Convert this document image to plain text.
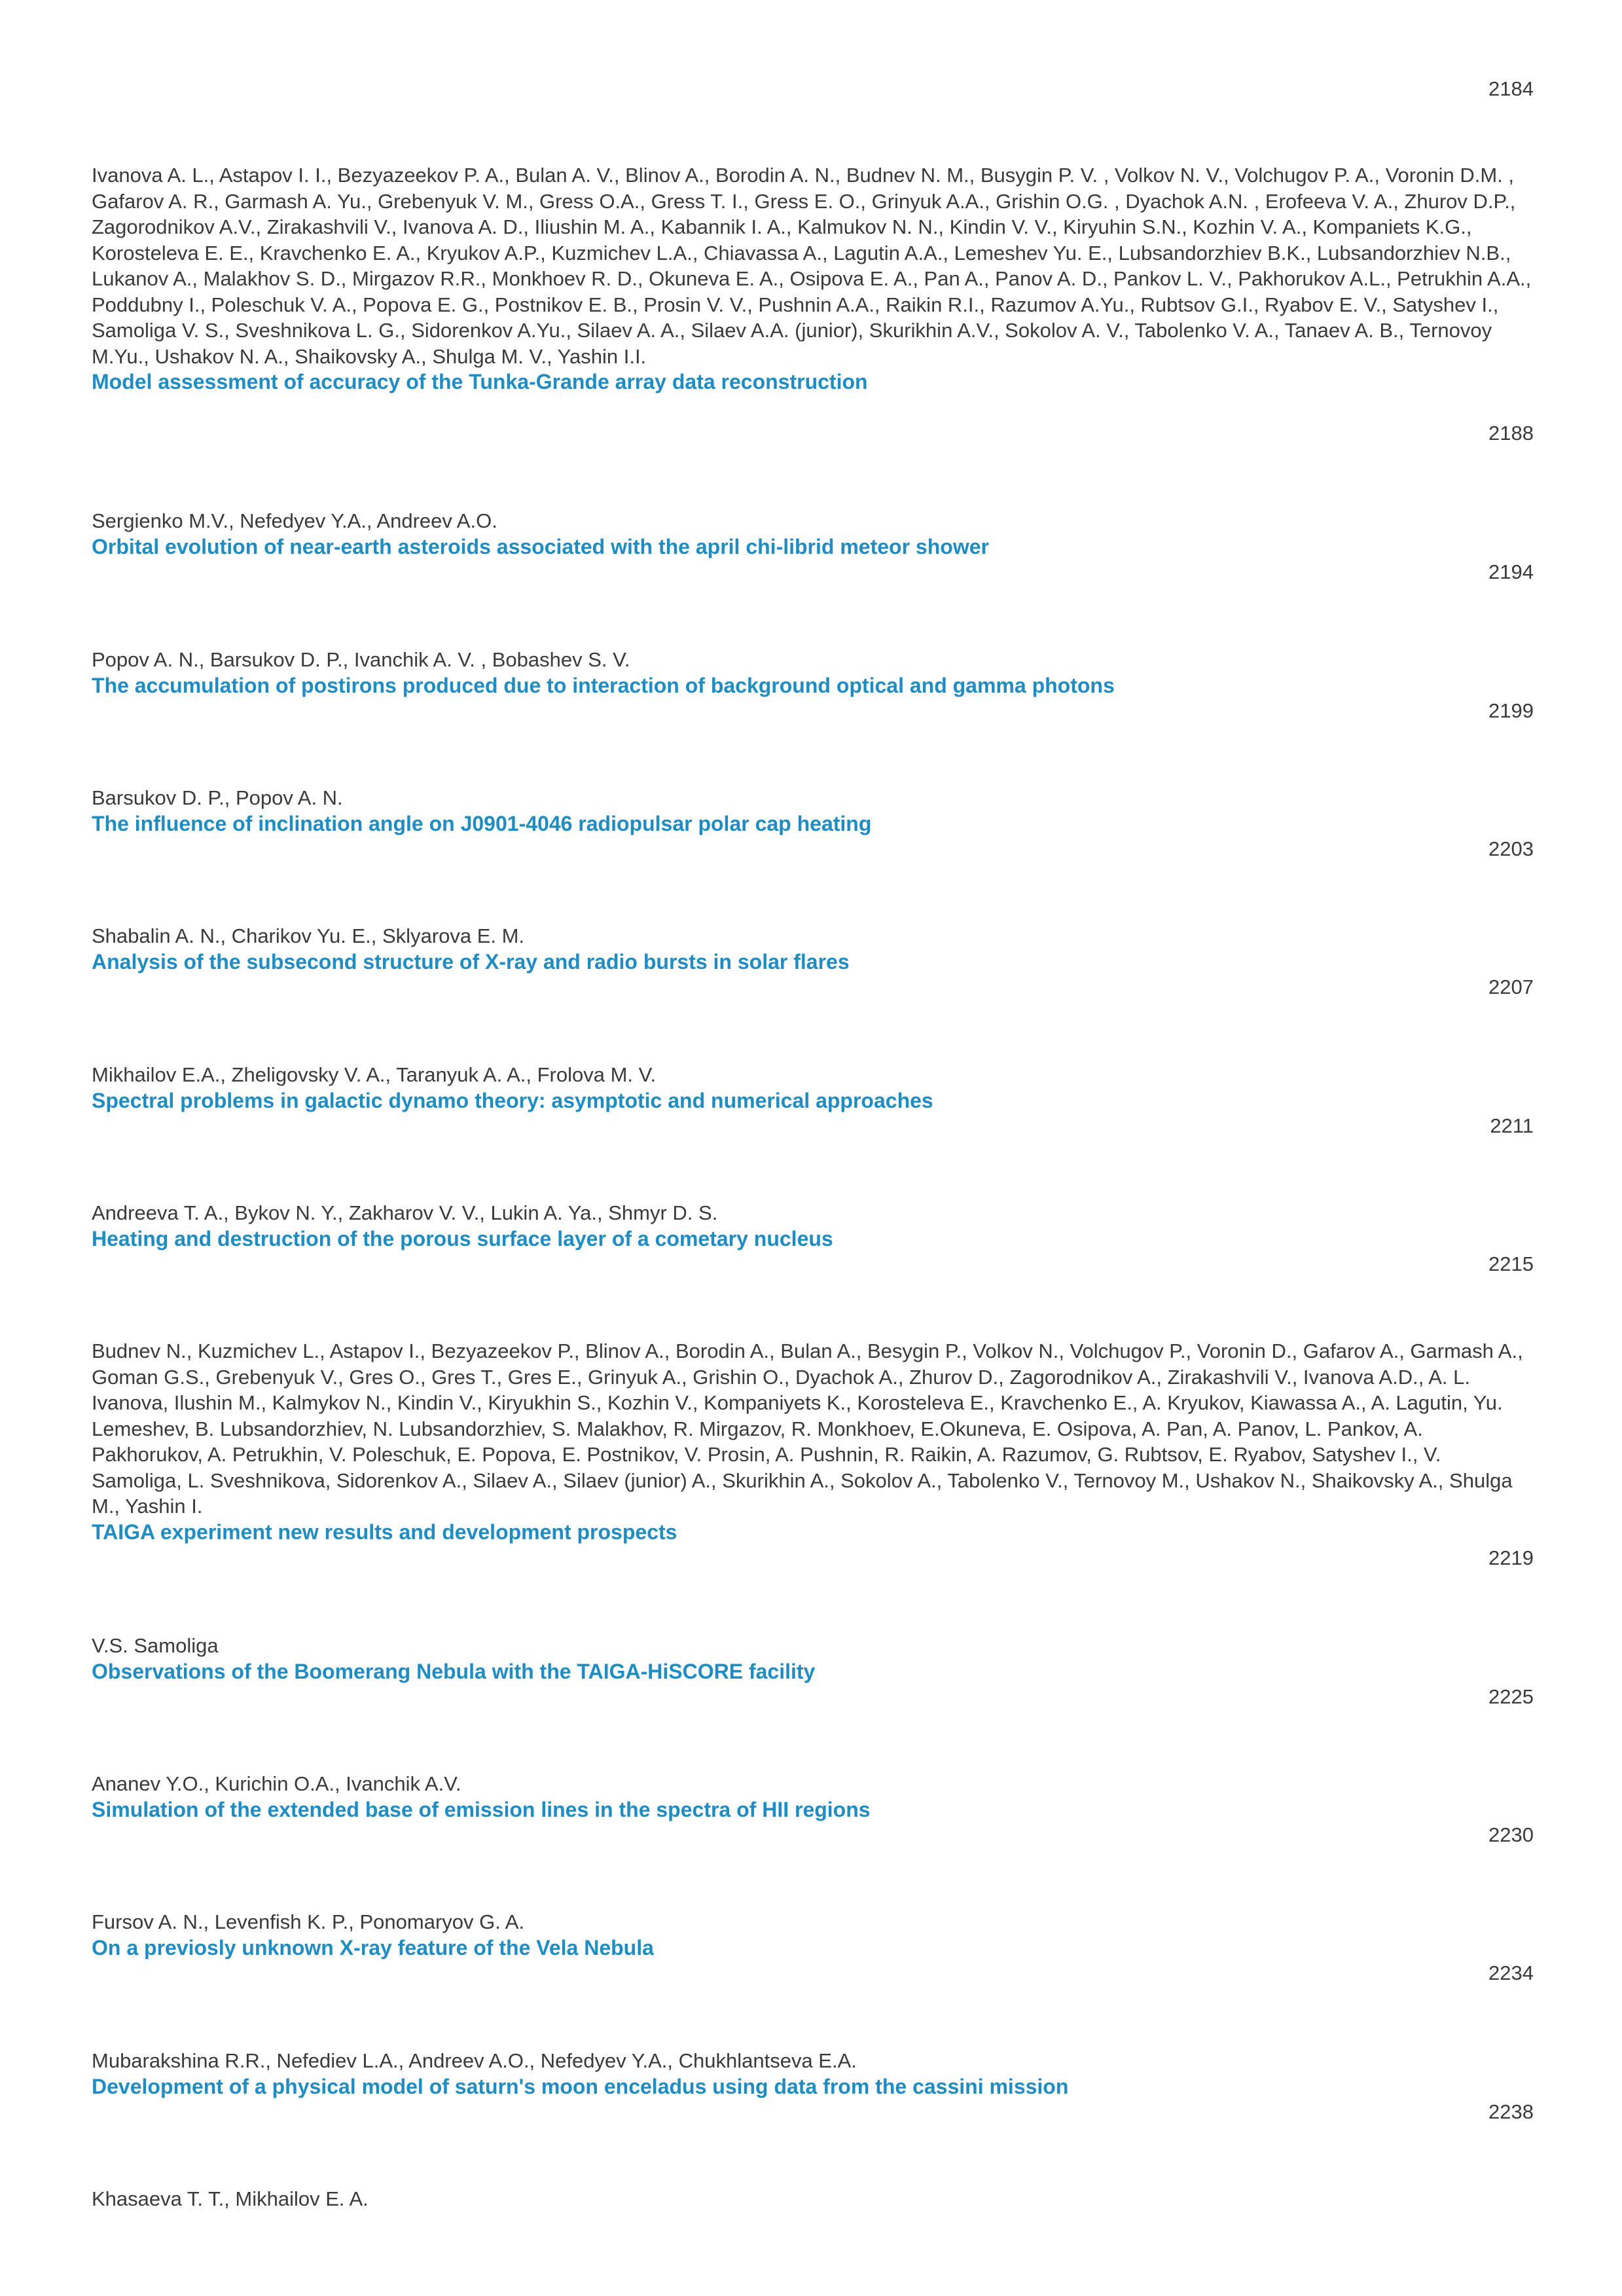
2184
Ivanova A. L., Astapov I. I., Bezyazeekov P. A., Bulan A. V., Blinov A., Borodin A. N., Budnev N. M., Busygin P. V. , Volkov N. V., Volchugov P. A., Voronin D.M. , Gafarov A. R., Garmash A. Yu., Grebenyuk V. M., Gress O.A., Gress T. I., Gress E. O., Grinyuk A.A., Grishin O.G. , Dyachok A.N. , Erofeeva V. A., Zhurov D.P., Zagorodnikov A.V., Zirakashvili V., Ivanova A. D., Iliushin M. A., Kabannik I. A., Kalmukov N. N., Kindin V. V., Kiryuhin S.N., Kozhin V. A., Kompaniets K.G., Korosteleva E. E., Kravchenko E. A., Kryukov A.P., Kuzmichev L.A., Chiavassa A., Lagutin A.A., Lemeshev Yu. E., Lubsandorzhiev B.K., Lubsandorzhiev N.B., Lukanov A., Malakhov S. D., Mirgazov R.R., Monkhoev R. D., Okuneva E. A., Osipova E. A., Pan A., Panov A. D., Pankov L. V., Pakhorukov A.L., Petrukhin A.A., Poddubny I., Poleschuk V. A., Popova E. G., Postnikov E. B., Prosin V. V., Pushnin A.A., Raikin R.I., Razumov A.Yu., Rubtsov G.I., Ryabov E. V., Satyshev I., Samoliga V. S., Sveshnikova L. G., Sidorenkov A.Yu., Silaev A. A., Silaev A.A. (junior), Skurikhin A.V., Sokolov A. V., Tabolenko V. A., Tanaev A. B., Ternovoy M.Yu., Ushakov N. A., Shaikovsky A., Shulga M. V., Yashin I.I.
Model assessment of accuracy of the Tunka-Grande array data reconstruction
2188
Sergienko M.V., Nefedyev Y.A., Andreev A.O.
Orbital evolution of near-earth asteroids associated with the april chi-librid meteor shower
2194
Popov A. N., Barsukov D. P., Ivanchik A. V. , Bobashev S. V.
The accumulation of postirons produced due to interaction of background optical and gamma photons
2199
Barsukov D. P., Popov A. N.
The influence of inclination angle on J0901-4046 radiopulsar polar cap heating
2203
Shabalin A. N., Charikov Yu. E., Sklyarova E. M.
Analysis of the subsecond structure of X-ray and radio bursts in solar flares
2207
Mikhailov E.A., Zheligovsky V. A., Taranyuk A. A., Frolova M. V.
Spectral problems in galactic dynamo theory: asymptotic and numerical approaches
2211
Andreeva T. A., Bykov N. Y., Zakharov V. V., Lukin A. Ya., Shmyr D. S.
Heating and destruction of the porous surface layer of a cometary nucleus
2215
Budnev N., Kuzmichev L., Astapov I., Bezyazeekov P., Blinov A., Borodin A., Bulan A., Besygin P., Volkov N., Volchugov P., Voronin D., Gafarov A., Garmash A., Goman G.S., Grebenyuk V., Gres O., Gres T., Gres E., Grinyuk A., Grishin O., Dyachok A., Zhurov D., Zagorodnikov A., Zirakashvili V., Ivanova A.D., A. L. Ivanova, Ilushin M., Kalmykov N., Kindin V., Kiryukhin S., Kozhin V., Kompaniyets K., Korosteleva E., Kravchenko E., A. Kryukov, Kiawassa A., A. Lagutin, Yu. Lemeshev, B. Lubsandorzhiev, N. Lubsandorzhiev, S. Malakhov, R. Mirgazov, R. Monkhoev, E.Okuneva, E. Osipova, A. Pan, A. Panov, L. Pankov, A. Pakhorukov, A. Petrukhin, V. Poleschuk, E. Popova, E. Postnikov, V. Prosin, A. Pushnin, R. Raikin, A. Razumov, G. Rubtsov, E. Ryabov, Satyshev I., V. Samoliga, L. Sveshnikova, Sidorenkov A., Silaev A., Silaev (junior) A., Skurikhin A., Sokolov A., Tabolenko V., Ternovoy M., Ushakov N., Shaikovsky A., Shulga M., Yashin I.
TAIGA experiment new results and development prospects
2219
V.S. Samoliga
Observations of the Boomerang Nebula with the TAIGA-HiSCORE facility
2225
Ananev Y.O., Kurichin O.A., Ivanchik A.V.
Simulation of the extended base of emission lines in the spectra of HII regions
2230
Fursov A. N., Levenfish K. P., Ponomaryov G. A.
On a previosly unknown X-ray feature of the Vela Nebula
2234
Mubarakshina R.R., Nefediev L.A., Andreev A.O., Nefedyev Y.A., Chukhlantseva E.A.
Development of a physical model of saturn's moon enceladus using data from the cassini mission
2238
Khasaeva T. T., Mikhailov E. A.
